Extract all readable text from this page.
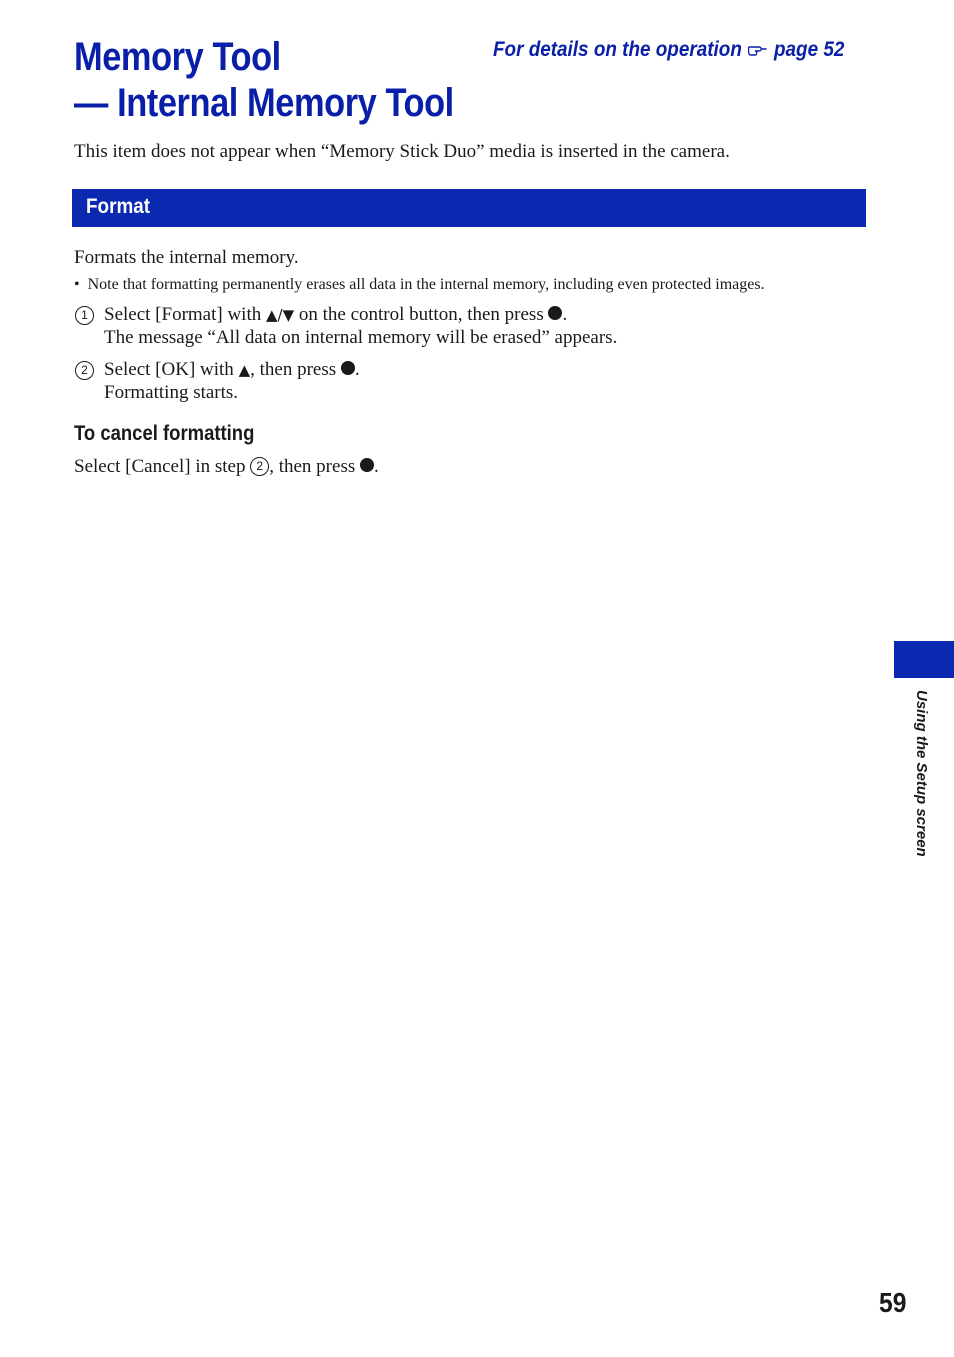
Memory Tool
— Internal Memory Tool
For details on the operation page 52
This item does not appear when “Memory Stick Duo” media is inserted in the camera.
Format
Formats the internal memory.
• Note that formatting permanently erases all data in the internal memory, including even protected images.
1 Select [Format] with ▲/▼ on the control button, then press .
The message “All data on internal memory will be erased” appears.
2 Select [OK] with ▲, then press .
Formatting starts.
To cancel formatting
Select [Cancel] in step 2 , then press .
Using the Setup screen
59
